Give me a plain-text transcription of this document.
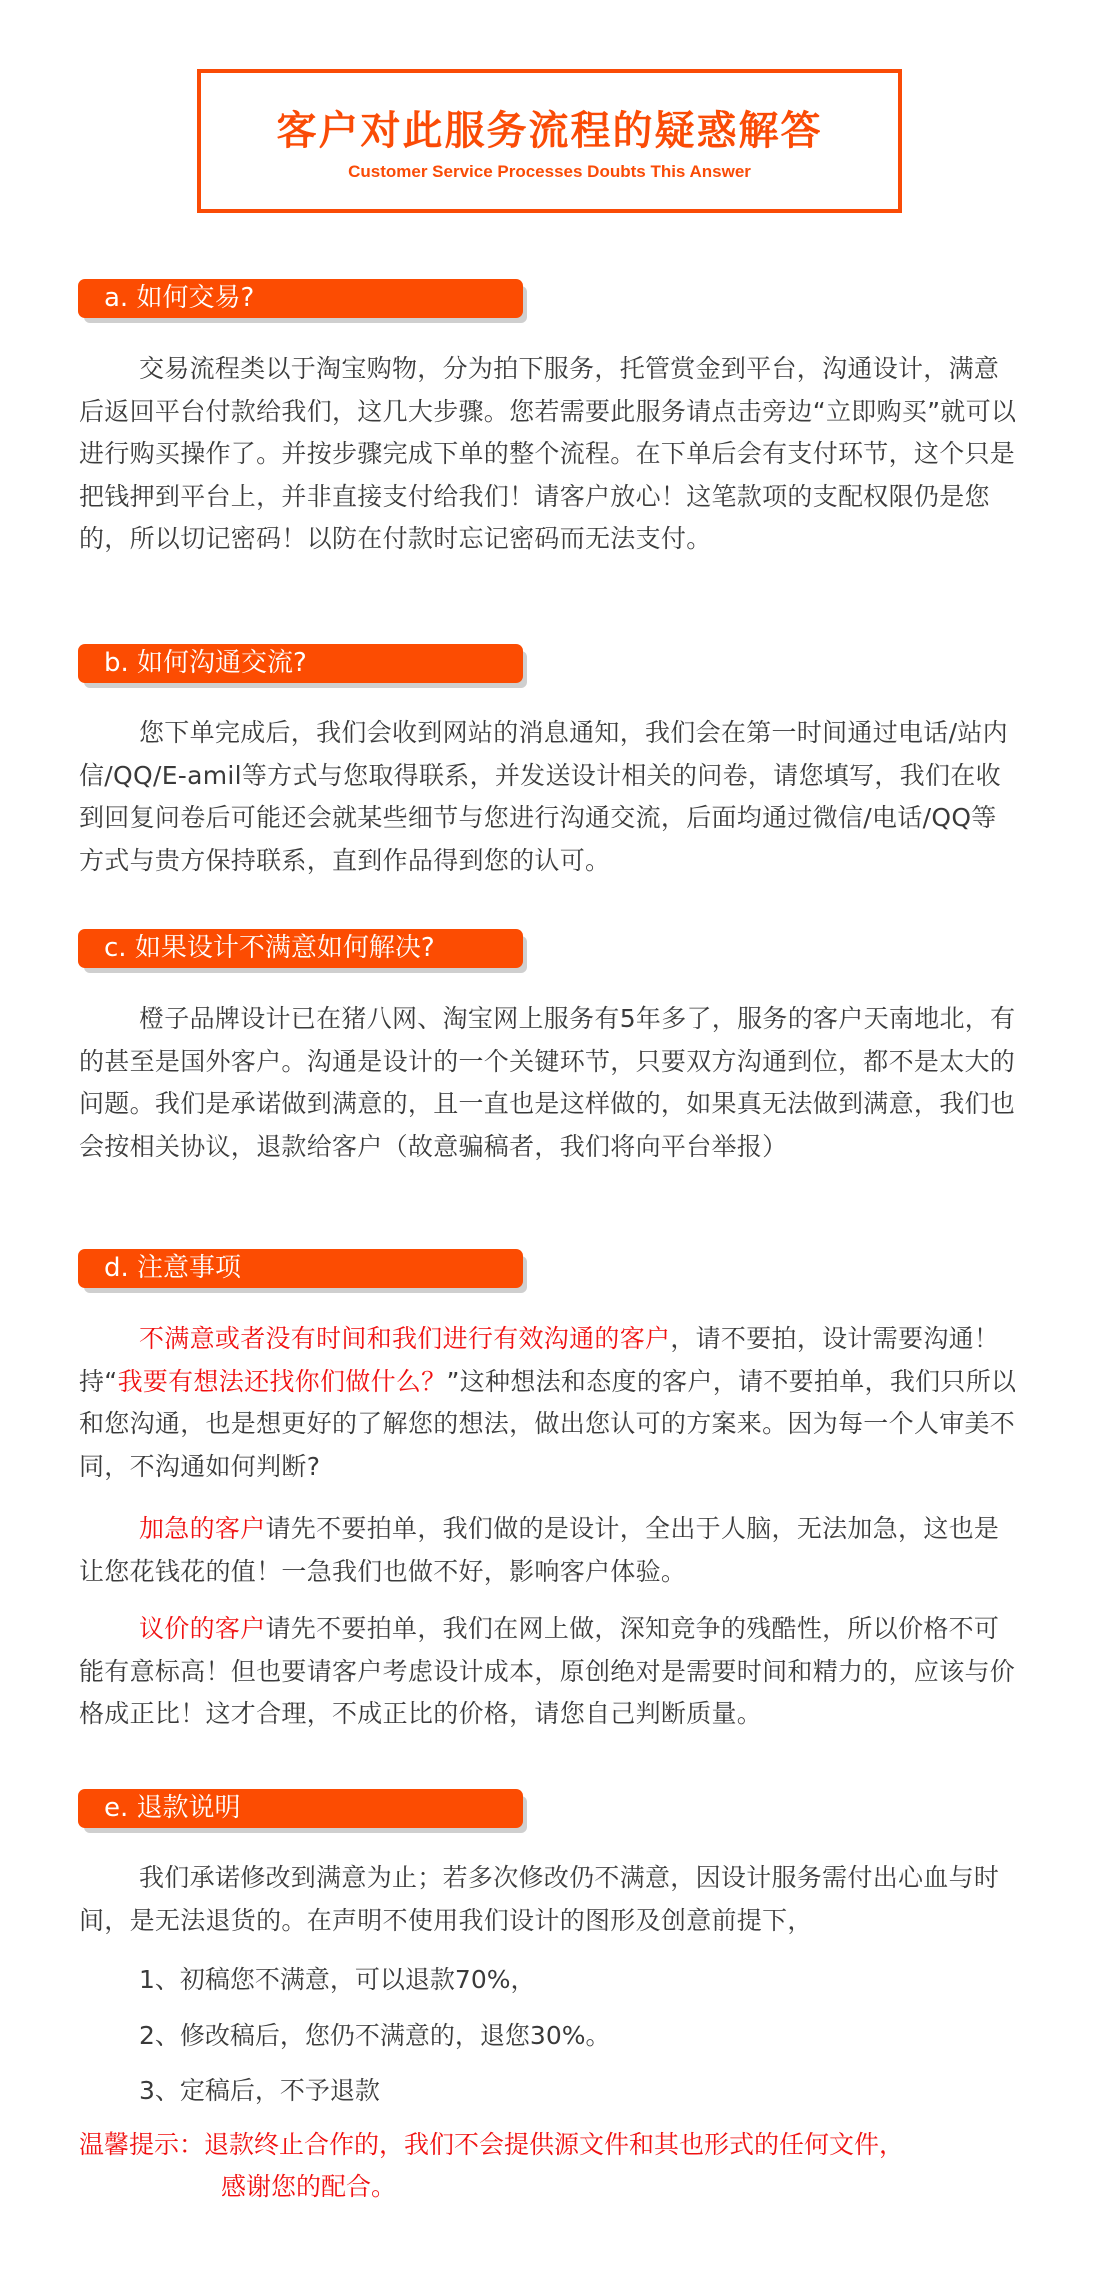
客户对此服务流程的疑惑解答
Customer Service Processes Doubts This Answer
a. 如何交易?
交易流程类以于淘宝购物，分为拍下服务，托管赏金到平台，沟通设计，满意后返回平台付款给我们，这几大步骤。您若需要此服务请点击旁边“立即购买”就可以进行购买操作了。并按步骤完成下单的整个流程。在下单后会有支付环节，这个只是把钱押到平台上，并非直接支付给我们！请客户放心！这笔款项的支配权限仍是您的，所以切记密码！以防在付款时忘记密码而无法支付。
b. 如何沟通交流?
您下单完成后，我们会收到网站的消息通知，我们会在第一时间通过电话/站内信/QQ/E-amil等方式与您取得联系，并发送设计相关的问卷，请您填写，我们在收到回复问卷后可能还会就某些细节与您进行沟通交流，后面均通过微信/电话/QQ等方式与贵方保持联系，直到作品得到您的认可。
c. 如果设计不满意如何解决?
橙子品牌设计已在猪八网、淘宝网上服务有5年多了，服务的客户天南地北，有的甚至是国外客户。沟通是设计的一个关键环节，只要双方沟通到位，都不是太大的问题。我们是承诺做到满意的，且一直也是这样做的，如果真无法做到满意，我们也会按相关协议，退款给客户（故意骗稿者，我们将向平台举报）
d. 注意事项
不满意或者没有时间和我们进行有效沟通的客户，请不要拍，设计需要沟通！持“我要有想法还找你们做什么？”这种想法和态度的客户，请不要拍单，我们只所以和您沟通，也是想更好的了解您的想法，做出您认可的方案来。因为每一个人审美不同，不沟通如何判断?
加急的客户请先不要拍单，我们做的是设计，全出于人脑，无法加急，这也是让您花钱花的值！一急我们也做不好，影响客户体验。
议价的客户请先不要拍单，我们在网上做，深知竞争的残酷性，所以价格不可能有意标高！但也要请客户考虑设计成本，原创绝对是需要时间和精力的，应该与价格成正比！这才合理，不成正比的价格，请您自己判断质量。
e. 退款说明
我们承诺修改到满意为止；若多次修改仍不满意，因设计服务需付出心血与时间，是无法退货的。在声明不使用我们设计的图形及创意前提下，
1、初稿您不满意，可以退款70%，
2、修改稿后，您仍不满意的，退您30%。
3、定稿后，不予退款
温馨提示：退款终止合作的，我们不会提供源文件和其也形式的任何文件，
感谢您的配合。
